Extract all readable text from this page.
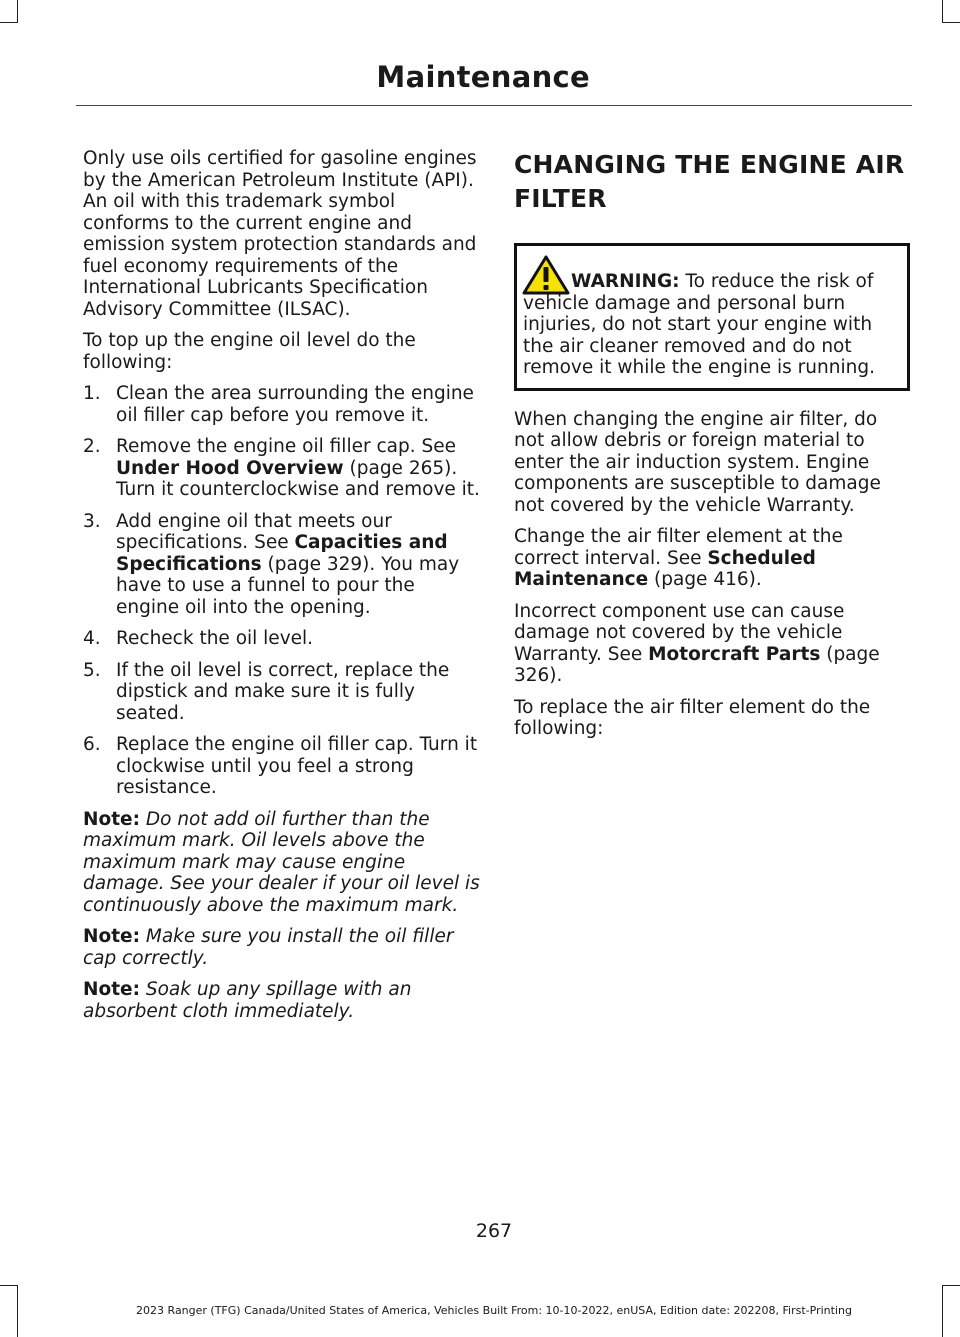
Maintenance

Only use oils certified for gasoline engines by the American Petroleum Institute (API). An oil with this trademark symbol conforms to the current engine and emission system protection standards and fuel economy requirements of the International Lubricants Specification Advisory Committee (ILSAC).

To top up the engine oil level do the following:

1. Clean the area surrounding the engine oil filler cap before you remove it.
2. Remove the engine oil filler cap. See Under Hood Overview (page 265). Turn it counterclockwise and remove it.
3. Add engine oil that meets our specifications. See Capacities and Specifications (page 329). You may have to use a funnel to pour the engine oil into the opening.
4. Recheck the oil level.
5. If the oil level is correct, replace the dipstick and make sure it is fully seated.
6. Replace the engine oil filler cap. Turn it clockwise until you feel a strong resistance.

Note: Do not add oil further than the maximum mark. Oil levels above the maximum mark may cause engine damage. See your dealer if your oil level is continuously above the maximum mark.

Note: Make sure you install the oil filler cap correctly.

Note: Soak up any spillage with an absorbent cloth immediately.

CHANGING THE ENGINE AIR FILTER
WARNING: To reduce the risk of vehicle damage and personal burn injuries, do not start your engine with the air cleaner removed and do not remove it while the engine is running.

When changing the engine air filter, do not allow debris or foreign material to enter the air induction system. Engine components are susceptible to damage not covered by the vehicle Warranty.

Change the air filter element at the correct interval. See Scheduled Maintenance (page 416).

Incorrect component use can cause damage not covered by the vehicle Warranty. See Motorcraft Parts (page 326).

To replace the air filter element do the following:

267
2023 Ranger (TFG) Canada/United States of America, Vehicles Built From: 10-10-2022, enUSA, Edition date: 202208, First-Printing
